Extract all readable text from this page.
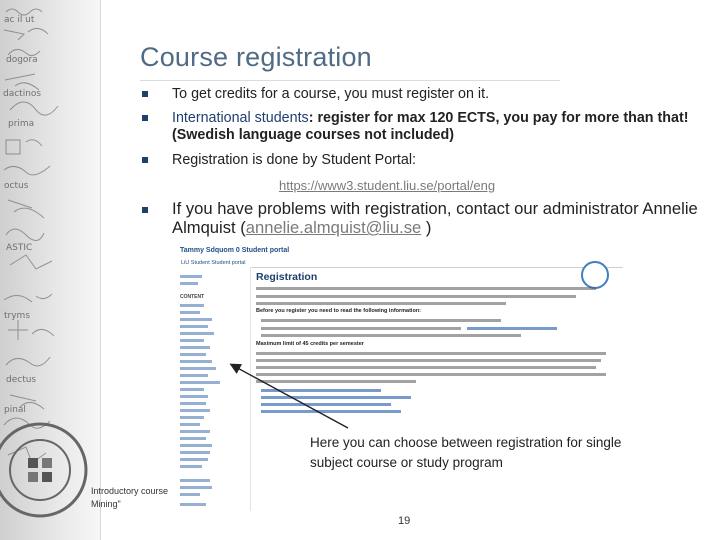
ac il ut
dogora
dactinos
prima
octus
ASTIC
tryms
dectus
pinal
Course registration
To get credits for a course, you must register on it.
International students: register for max 120 ECTS, you pay for more than that! (Swedish language courses not included)
Registration is done by Student Portal:
https://www3.student.liu.se/portal/eng
If you have problems with registration, contact our administrator Annelie Almquist (annelie.almquist@liu.se )
Tammy Sdquom 0 Student portal
LiU Student Student portal
CONTENT
Registration
Before you register you need to read the following information:
Maximum limit of 45 credits per semester
Here you can choose between registration for single subject course or study program
Introductory course
Mining"
19
